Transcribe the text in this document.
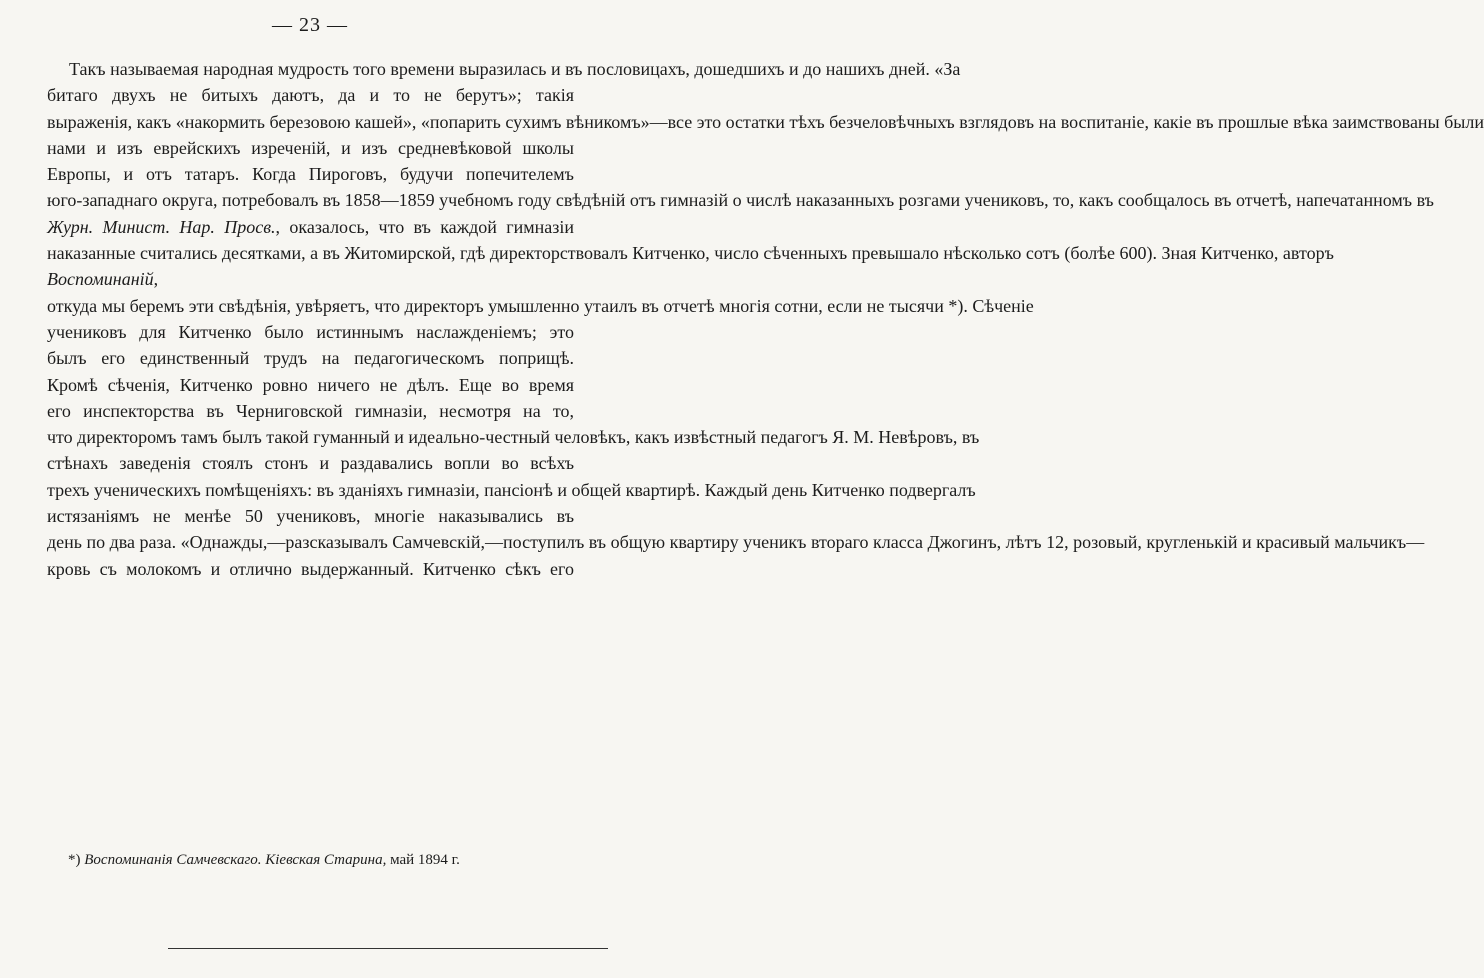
— 23 —
Такъ называемая народная мудрость того времени выразилась и въ пословицахъ, дошедшихъ и до нашихъ дней. «За
битаго двухъ не битыхъ даютъ, да и то не берутъ»; такія
выраженія, какъ «накормить березовою кашей», «попарить сухимъ вѣникомъ»—все это остатки тѣхъ безчеловѣчныхъ взглядовъ на воспитаніе, какіе въ прошлые вѣка заимствованы были
нами и изъ еврейскихъ изреченій, и изъ средневѣковой школы
Европы, и отъ татаръ. Когда Пироговъ, будучи попечителемъ
юго-западнаго округа, потребовалъ въ 1858—1859 учебномъ году свѣдѣній отъ гимназій о числѣ наказанныхъ розгами учениковъ, то, какъ сообщалось въ отчетѣ, напечатанномъ въ
Журн. Минист. Нар. Просв., оказалось, что въ каждой гимназіи
наказанные считались десятками, а въ Житомирской, гдѣ директорствовалъ Китченко, число сѣченныхъ превышало нѣсколько сотъ (болѣе 600). Зная Китченко, авторъ
Воспоминаній,
откуда мы беремъ эти свѣдѣнія, увѣряетъ, что директоръ умышленно утаилъ въ отчетѣ многія сотни, если не тысячи *). Сѣченіе
учениковъ для Китченко было истиннымъ наслажденіемъ; это
былъ его единственный трудъ на педагогическомъ поприщѣ.
Кромѣ сѣченія, Китченко ровно ничего не дѣлъ. Еще во время
его инспекторства въ Черниговской гимназіи, несмотря на то,
что директоромъ тамъ былъ такой гуманный и идеально-честный человѣкъ, какъ извѣстный педагогъ Я. М. Невѣровъ, въ
стѣнахъ заведенія стоялъ стонъ и раздавались вопли во всѣхъ
трехъ ученическихъ помѣщеніяхъ: въ зданіяхъ гимназіи, пансіонѣ и общей квартирѣ. Каждый день Китченко подвергалъ
истязаніямъ не менѣе 50 учениковъ, многіе наказывались въ
день по два раза. «Однажды,—разсказывалъ Самчевскій,—поступилъ въ общую квартиру ученикъ втораго класса Джогинъ, лѣтъ 12, розовый, кругленькій и красивый мальчикъ—
кровь съ молокомъ и отлично выдержанный. Китченко сѣкъ его
*) Воспоминанія Самчевскаго. Кіевская Старина, май 1894 г.
